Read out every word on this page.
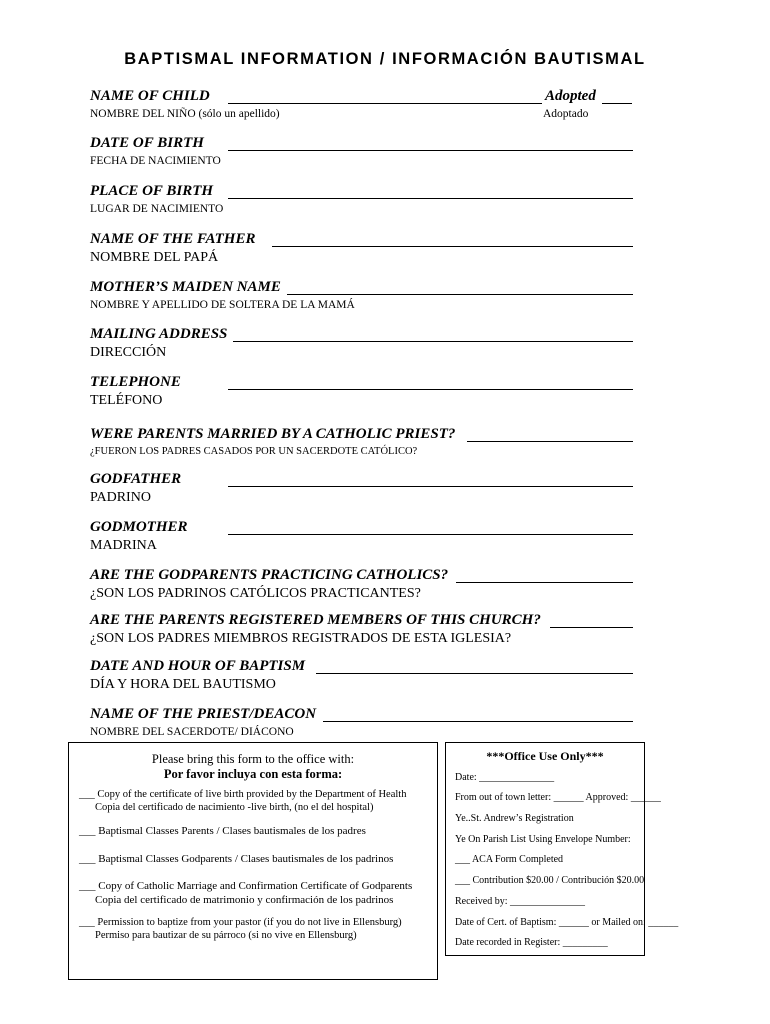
BAPTISMAL INFORMATION / INFORMACIÓN BAUTISMAL
NAME OF CHILD
NOMBRE DEL NIÑO (sólo un apellido)
Adopted
Adoptado
DATE OF BIRTH
FECHA DE NACIMIENTO
PLACE OF BIRTH
LUGAR DE NACIMIENTO
NAME OF THE FATHER
NOMBRE DEL PAPÁ
MOTHER’S MAIDEN NAME
NOMBRE Y APELLIDO DE SOLTERA DE LA MAMÁ
MAILING ADDRESS
DIRECCIÓN
TELEPHONE
TELÉFONO
WERE PARENTS MARRIED BY A CATHOLIC PRIEST?
¿FUERON LOS PADRES CASADOS POR UN SACERDOTE CATÓLICO?
GODFATHER
PADRINO
GODMOTHER
MADRINA
ARE THE GODPARENTS PRACTICING CATHOLICS?
¿SON LOS PADRINOS CATÓLICOS PRACTICANTES?
ARE THE PARENTS REGISTERED MEMBERS OF THIS CHURCH?
¿SON LOS PADRES MIEMBROS REGISTRADOS DE ESTA IGLESIA?
DATE AND HOUR OF BAPTISM
DÍA Y HORA DEL BAUTISMO
NAME OF THE PRIEST/DEACON
NOMBRE DEL SACERDOTE/ DIÁCONO
Please bring this form to the office with:
Por favor incluya con esta forma:
___ Copy of the certificate of live birth provided by the Department of Health
Copia del certificado de nacimiento -live birth, (no el del hospital)
___ Baptismal Classes Parents / Clases bautismales de los padres
___ Baptismal Classes Godparents / Clases bautismales de los padrinos
___ Copy of Catholic Marriage and Confirmation Certificate of Godparents
Copia del certificado de matrimonio y confirmación de los padrinos
___ Permission to baptize from your pastor (if you do not live in Ellensburg)
Permiso para bautizar de su párroco (si no vive en Ellensburg)
***Office Use Only***
Date: _______________
From out of town letter: ______ Approved: ______
Ye..St. Andrew’s Registration
Ye On Parish List Using Envelope Number:
___ ACA Form Completed
___ Contribution $20.00 / Contribución $20.00
Received by: _______________
Date of Cert. of Baptism: ______ or Mailed on: ______
Date recorded in Register: _________
